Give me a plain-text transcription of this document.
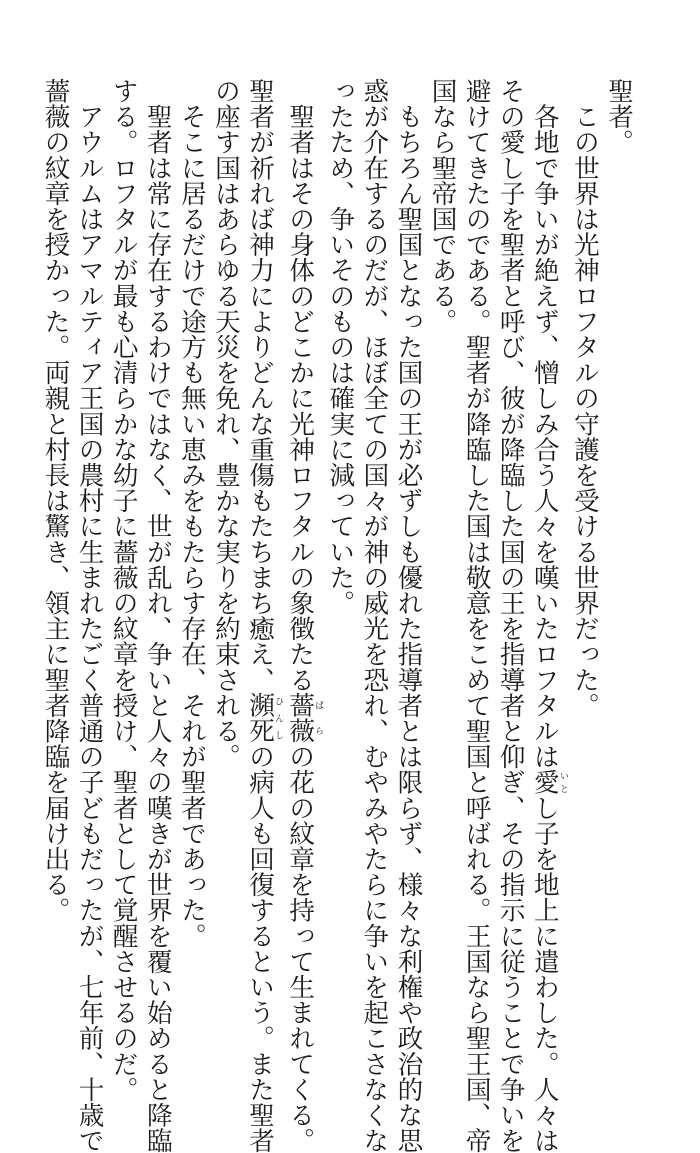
聖者。
　この世界は光神ロフタルの守護を受ける世界だった。
　各地で争いが絶えず、憎しみ合う人々を嘆いたロフタルは愛いとし子を地上に遣わした。人々は
その愛し子を聖者と呼び、彼が降臨した国の王を指導者と仰ぎ、その指示に従うことで争いを
避けてきたのである。聖者が降臨した国は敬意をこめて聖国と呼ばれる。王国なら聖王国、帝
国なら聖帝国である。
　もちろん聖国となった国の王が必ずしも優れた指導者とは限らず、様々な利権や政治的な思
惑が介在するのだが、ほぼ全ての国々が神の威光を恐れ、むやみやたらに争いを起こさなくな
ったため、争いそのものは確実に減っていた。
　聖者はその身体のどこかに光神ロフタルの象徴たる薔薇ばらの花の紋章を持って生まれてくる。
聖者が祈れば神力によりどんな重傷もたちまち癒え、瀕死ひんしの病人も回復するという。また聖者
の座す国はあらゆる天災を免れ、豊かな実りを約束される。
　そこに居るだけで途方も無い恵みをもたらす存在、それが聖者であった。
　聖者は常に存在するわけではなく、世が乱れ、争いと人々の嘆きが世界を覆い始めると降臨
する。ロフタルが最も心清らかな幼子に薔薇の紋章を授け、聖者として覚醒させるのだ。
　アウルムはアマルティア王国の農村に生まれたごく普通の子どもだったが、七年前、十歳で
薔薇の紋章を授かった。両親と村長は驚き、領主に聖者降臨を届け出る。
